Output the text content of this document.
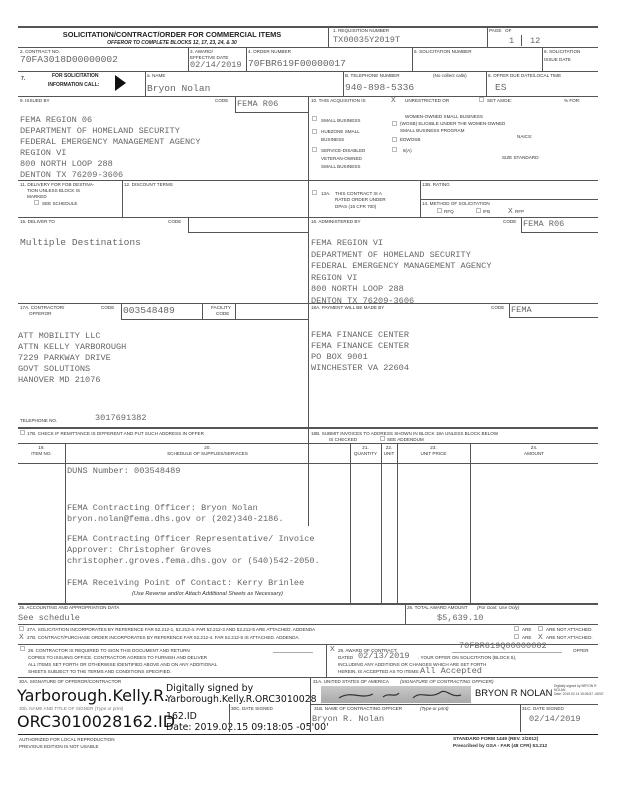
SOLICITATION/CONTRACT/ORDER FOR COMMERCIAL ITEMS
OFFEROR TO COMPLETE BLOCKS 12, 17, 23, 24, & 30
1. REQUISITION NUMBER
TX00035Y2019T
PAGE OF
1 12
2. CONTRACT NO.
70FA3018D00000002
3. AWARD/
EFFECTIVE DATE
02/14/2019
4. ORDER NUMBER
70FBR619F00000017
5. SOLICITATION NUMBER	6. SOLICITATION
ISSUE DATE
7.	FOR SOLICITATION
INFORMATION CALL:
a. NAME
Bryon Nolan
B. TELEPHONE NUMBER	(No collect calls)
940-898-5336
8. OFFER DUE DATE/LOCAL TIME
ES
9. ISSUED BY	CODE FEMA R06
FEMA REGION 06
DEPARTMENT OF HOMELAND SECURITY
FEDERAL EMERGENCY MANAGEMENT AGENCY
REGION VI
800 NORTH LOOP 288
DENTON TX 76209-3606
10. THIS ACQUISITION IS	X UNRESTRICTED OR	SET ASIDE:	% FOR:
SMALL BUSINESS
HUBZONE SMALL
BUSINESS
SERVICE-DISABLED
VETERAN-OWNED
SMALL BUSINESS
WOMEN-OWNED SMALL BUSINESS
(WOSB) ELIGIBLE UNDER THE WOMEN-OWNED
SMALL BUSINESS PROGRAM
EDWOSB
8(A)
NAICS:
SIZE STANDARD:
11. DELIVERY FOR FOB DESTINA-
TION UNLESS BLOCK IS
MARKED
SEE SCHEDULE
12. DISCOUNT TERMS
13A. THIS CONTRACT IS A
RATED ORDER UNDER
DPAS (15 CFR 700)
13B. RATING
14. METHOD OF SOLICITATION
RFQ	IFB	X RFP
15. DELIVER TO	CODE
Multiple Destinations
16. ADMINISTERED BY	CODE FEMA R06
FEMA REGION VI
DEPARTMENT OF HOMELAND SECURITY
FEDERAL EMERGENCY MANAGEMENT AGENCY
REGION VI
800 NORTH LOOP 288
DENTON TX 76209-3606
17A. CONTRACTOR/
OFFEROR
CODE 003548489	FACILITY
CODE
ATT MOBILITY LLC
ATTN KELLY YARBOROUGH
7229 PARKWAY DRIVE
GOVT SOLUTIONS
HANOVER MD 21076
TELEPHONE NO.	3017691382
18A. PAYMENT WILL BE MADE BY	CODE FEMA
FEMA FINANCE CENTER
FEMA FINANCE CENTER
PO BOX 9001
WINCHESTER VA 22604
17B. CHECK IF REMITTANCE IS DIFFERENT AND PUT SUCH ADDRESS IN OFFER	18B. SUBMIT INVOICES TO ADDRESS SHOWN IN BLOCK 18A UNLESS BLOCK BELOW
IS CHECKED	SEE ADDENDUM
19.
ITEM NO.
20.
SCHEDULE OF SUPPLIES/SERVICES
21.
QUANTITY
22.
UNIT
23.
UNIT PRICE
24.
AMOUNT
DUNS Number: 003548489
FEMA Contracting Officer: Bryon Nolan
bryon.nolan@fema.dhs.gov or (202)340-2186.
FEMA Contracting Officer Representative/ Invoice
Approver: Christopher Groves
christopher.groves.fema.dhs.gov or (540)542-2050.
FEMA Receiving Point of Contact: Kerry Brinlee
(Use Reverse and/or Attach Additional Sheets as Necessary)
25. ACCOUNTING AND APPROPRIATION DATA
See schedule
26. TOTAL AWARD AMOUNT (For Govt. Use Only)
$5,639.10
27A. SOLICITATION INCORPORATES BY REFERENCE FAR 52.212-1, 52.212-4. FAR 52.212-3 AND 52.212-5 ARE ATTACHED. ADDENDA	ARE	ARE NOT ATTACHED.
X 27B. CONTRACT/PURCHASE ORDER INCORPORATES BY REFERENCE FAR 52.212-4. FAR 52.212-5 IS ATTACHED. ADDENDA	ARE X ARE NOT ATTACHED.
28. CONTRACTOR IS REQUIRED TO SIGN THIS DOCUMENT AND RETURN
COPIES TO ISSUING OFFICE. CONTRACTOR AGREES TO FURNISH AND DELIVER
ALL ITEMS SET FORTH OR OTHERWISE IDENTIFIED ABOVE AND ON ANY ADDITIONAL
SHEETS SUBJECT TO THE TERMS AND CONDITIONS SPECIFIED.
X 29. AWARD OF CONTRACT:	70FBR619Q00000002	OFFER
DATED 02/13/2019 . YOUR OFFER ON SOLICITATION (BLOCK 5),
INCLUDING ANY ADDITIONS OR CHANGES WHICH ARE SET FORTH
HEREIN, IS ACCEPTED AS TO ITEMS: All Accepted
30A. SIGNATURE OF OFFEROR/CONTRACTOR
Yarborough.Kelly.R.
ORC3010028162.ID
Digitally signed by
Yarborough.Kelly.R.ORC3010028
162.ID
Date: 2019.02.15 09:18:05 -05'00'
30b. NAME AND TITLE OF SIGNER (Type or print)	30C. DATE SIGNED
31A. UNITED STATES OF AMERICA (SIGNATURE OF CONTRACTING OFFICER)
BRYON R NOLAN
Digitally signed by BRYON R
NOLAN
Date: 2019.02.14 15:06:57 -06'00'
31B. NAME OF CONTRACTING OFFICER	(Type or print)
Bryon R. Nolan
31C. DATE SIGNED
02/14/2019
AUTHORIZED FOR LOCAL REPRODUCTION
PREVIOUS EDITION IS NOT USABLE
STANDARD FORM 1449 (REV. 2/2012)
Prescribed by GSA - FAR (48 CFR) 53.212
